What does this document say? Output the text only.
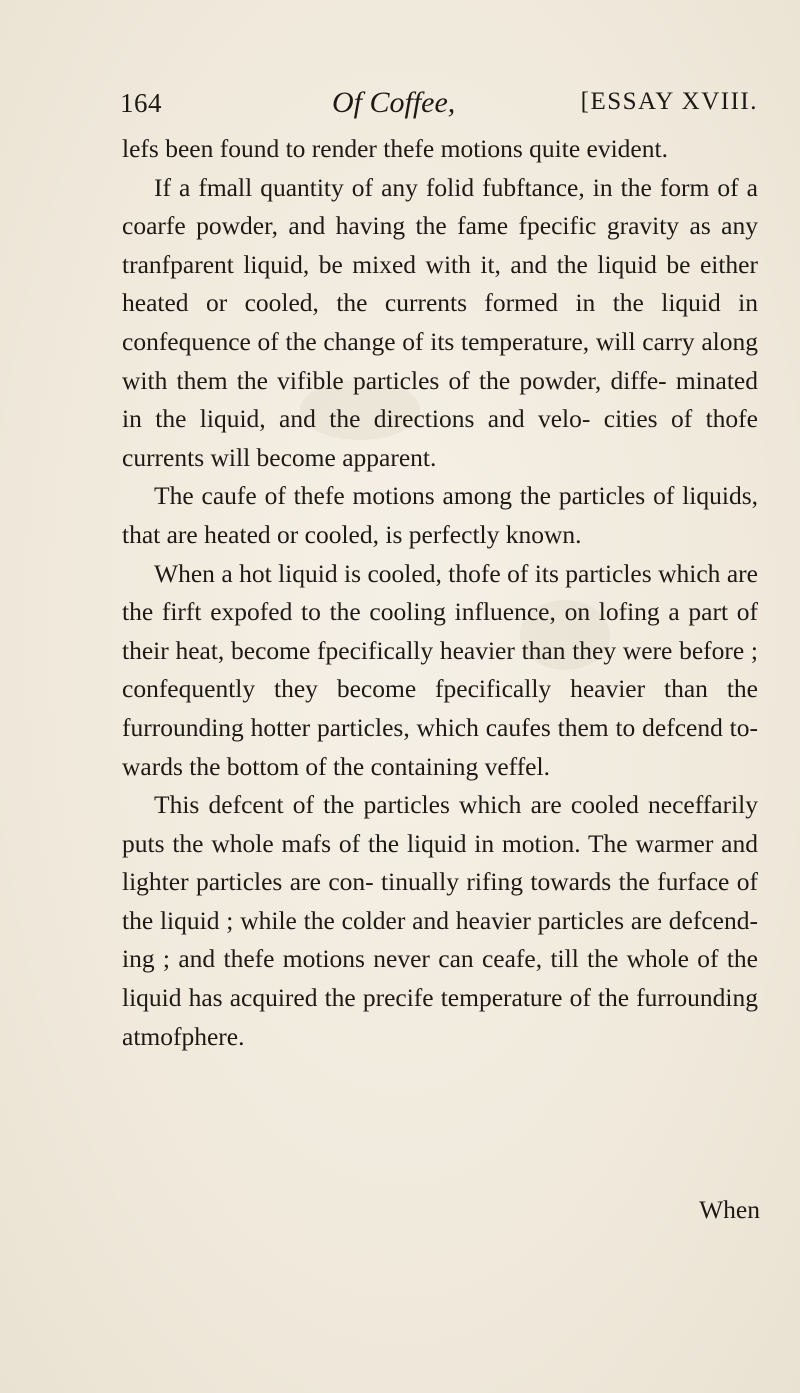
164	Of Coffee,	[ESSAY XVIII.

lefs been found to render thefe motions quite evident.

If a fmall quantity of any folid fubftance, in the form of a coarfe powder, and having the fame fpecific gravity as any tranfparent liquid, be mixed with it, and the liquid be either heated or cooled, the currents formed in the liquid in confequence of the change of its temperature, will carry along with them the vifible particles of the powder, diffe- minated in the liquid, and the directions and velo- cities of thofe currents will become apparent.

The caufe of thefe motions among the particles of liquids, that are heated or cooled, is perfectly known.

When a hot liquid is cooled, thofe of its particles which are the firft expofed to the cooling influence, on lofing a part of their heat, become fpecifically heavier than they were before ; confequently they become fpecifically heavier than the furrounding hotter particles, which caufes them to defcend to- wards the bottom of the containing veffel.

This defcent of the particles which are cooled neceffarily puts the whole mafs of the liquid in motion. The warmer and lighter particles are con- tinually rifing towards the furface of the liquid ; while the colder and heavier particles are defcend- ing ; and thefe motions never can ceafe, till the whole of the liquid has acquired the precife temperature of the furrounding atmofphere.

When
